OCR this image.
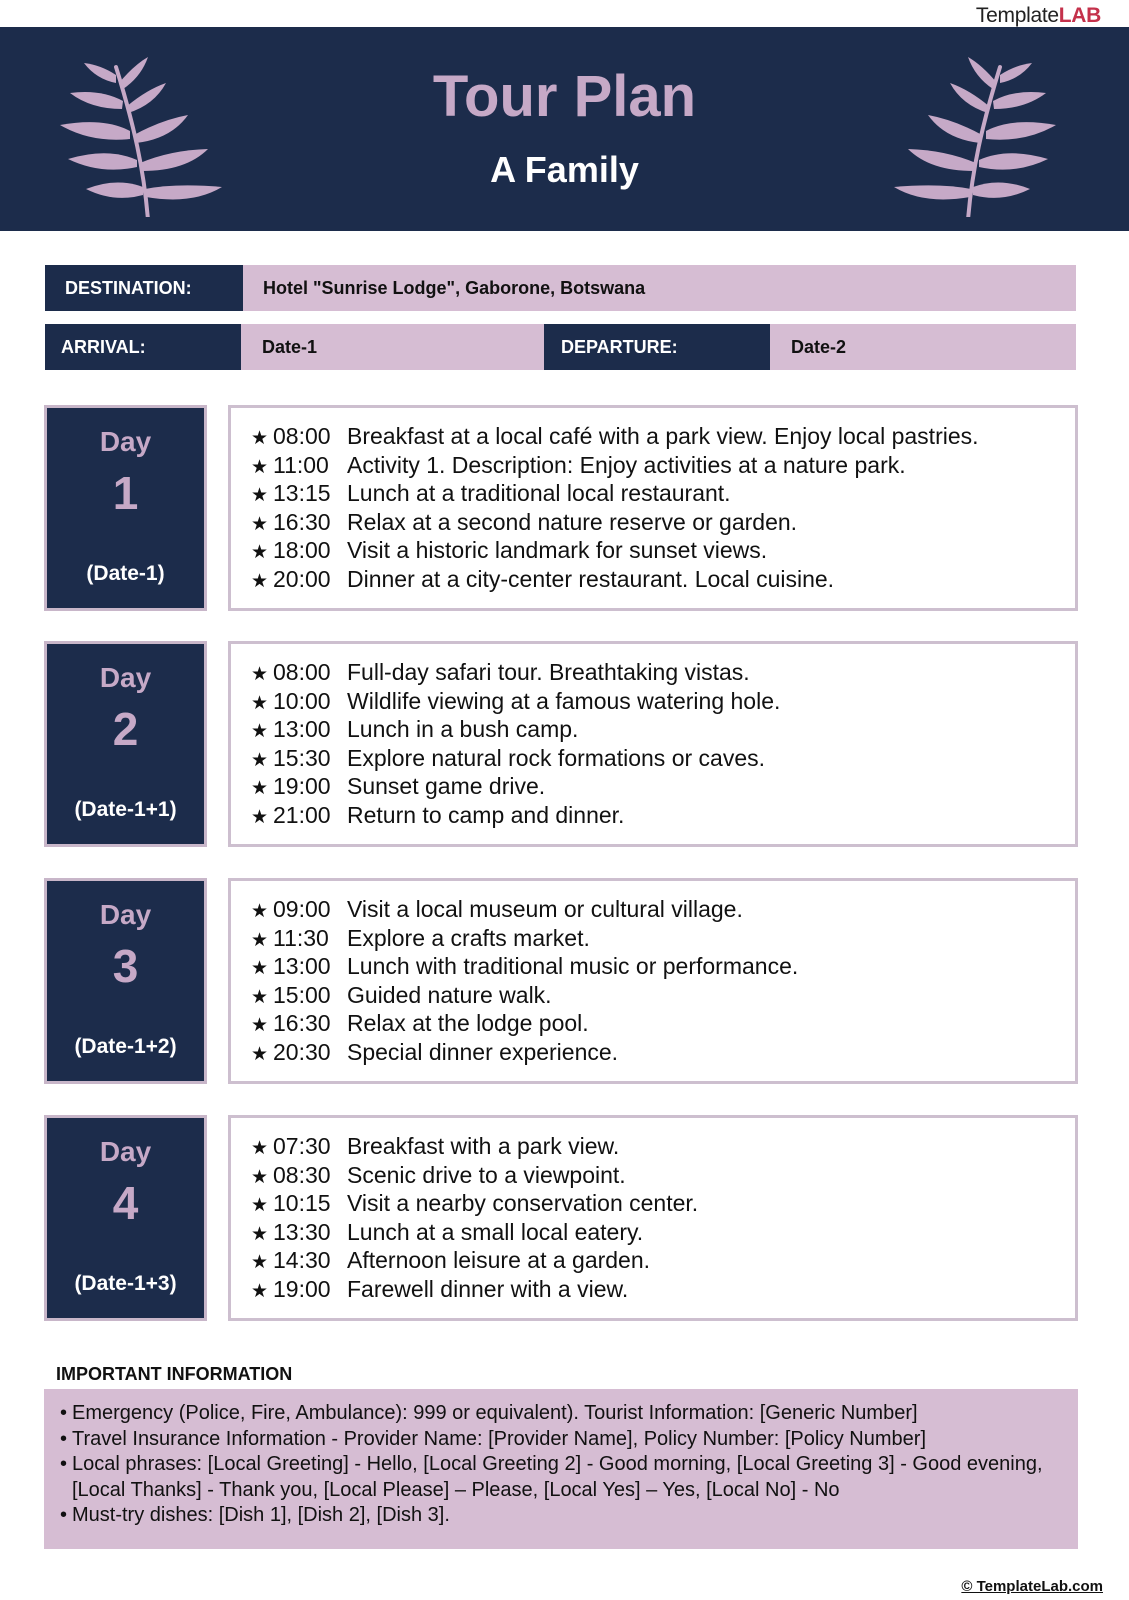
TemplateLAB
Tour Plan
A Family
DESTINATION:	Hotel "Sunrise Lodge", Gaborone, Botswana
ARRIVAL:	Date-1	DEPARTURE:	Date-2
Day
1
(Date-1)
★ 08:00 Breakfast at a local café with a park view. Enjoy local pastries.
★ 11:00 Activity 1. Description: Enjoy activities at a nature park.
★ 13:15 Lunch at a traditional local restaurant.
★ 16:30 Relax at a second nature reserve or garden.
★ 18:00 Visit a historic landmark for sunset views.
★ 20:00 Dinner at a city-center restaurant. Local cuisine.
Day
2
(Date-1+1)
★ 08:00 Full-day safari tour. Breathtaking vistas.
★ 10:00 Wildlife viewing at a famous watering hole.
★ 13:00 Lunch in a bush camp.
★ 15:30 Explore natural rock formations or caves.
★ 19:00 Sunset game drive.
★ 21:00 Return to camp and dinner.
Day
3
(Date-1+2)
★ 09:00 Visit a local museum or cultural village.
★ 11:30 Explore a crafts market.
★ 13:00 Lunch with traditional music or performance.
★ 15:00 Guided nature walk.
★ 16:30 Relax at the lodge pool.
★ 20:30 Special dinner experience.
Day
4
(Date-1+3)
★ 07:30 Breakfast with a park view.
★ 08:30 Scenic drive to a viewpoint.
★ 10:15 Visit a nearby conservation center.
★ 13:30 Lunch at a small local eatery.
★ 14:30 Afternoon leisure at a garden.
★ 19:00 Farewell dinner with a view.
IMPORTANT INFORMATION
• Emergency (Police, Fire, Ambulance): 999 or equivalent). Tourist Information: [Generic Number]
• Travel Insurance Information - Provider Name: [Provider Name], Policy Number: [Policy Number]
• Local phrases: [Local Greeting] - Hello, [Local Greeting 2] - Good morning, [Local Greeting 3] - Good evening, [Local Thanks] - Thank you, [Local Please] – Please, [Local Yes] – Yes, [Local No] - No
• Must-try dishes: [Dish 1], [Dish 2], [Dish 3].
© TemplateLab.com
